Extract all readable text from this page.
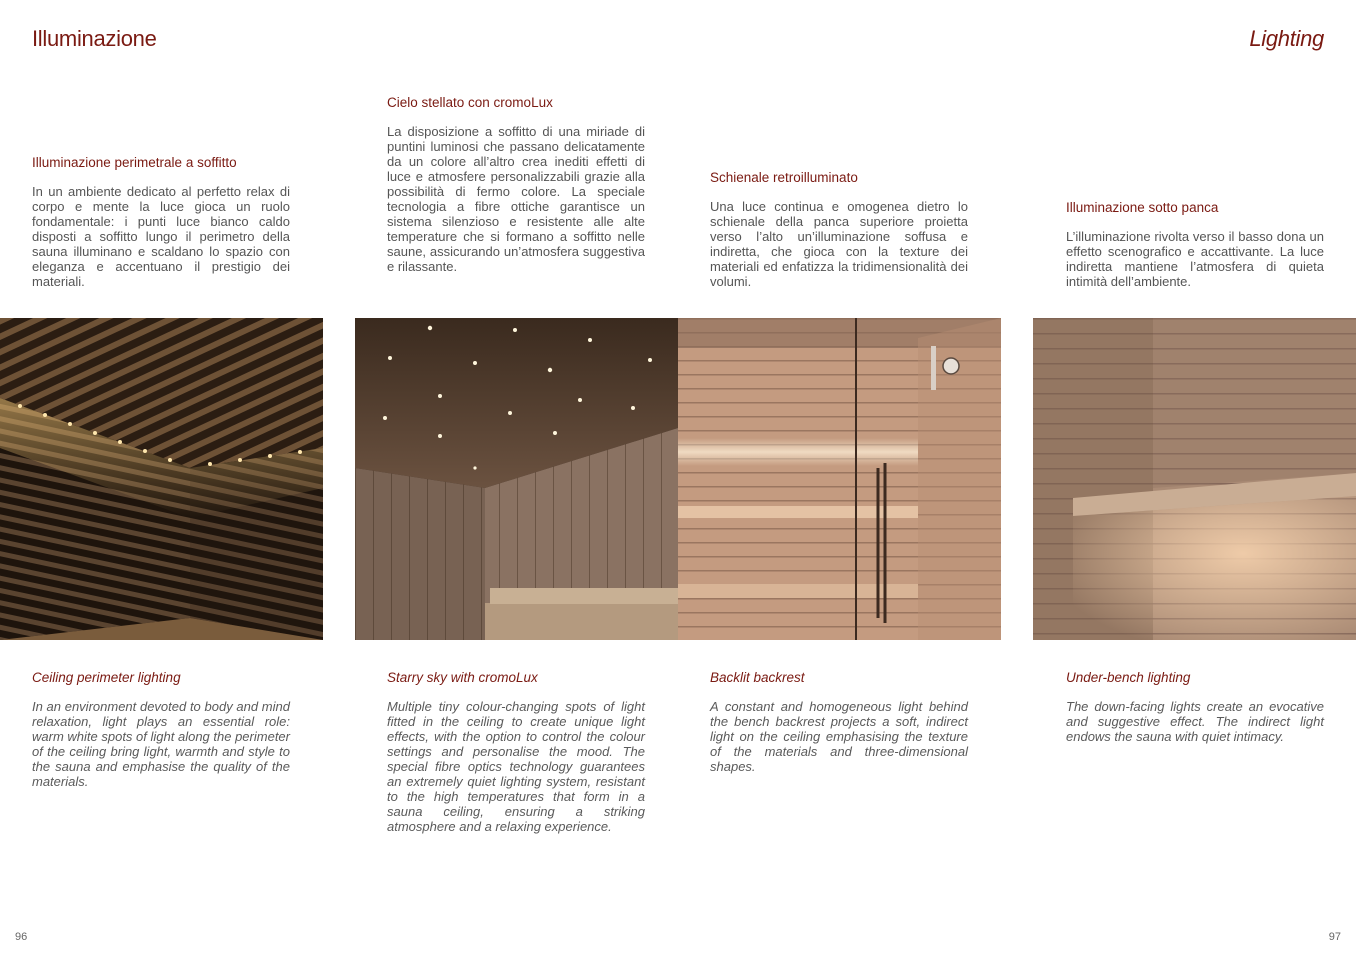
Illuminazione	Lighting
Illuminazione perimetrale a soffitto

In un ambiente dedicato al perfetto relax di corpo e mente la luce gioca un ruolo fondamentale: i punti luce bianco caldo disposti a soffitto lungo il perimetro della sauna illuminano e scaldano lo spazio con eleganza e accentuano il prestigio dei materiali.

Cielo stellato con cromoLux

La disposizione a soffitto di una miriade di puntini luminosi che passano delicatamente da un colore all’altro crea inediti effetti di luce e atmosfere personalizzabili grazie alla possibilità di fermo colore. La speciale tecnologia a fibre ottiche garantisce un sistema silenzioso e resistente alle alte temperature che si formano a soffitto nelle saune, assicurando un’atmosfera suggestiva e rilassante.

Schienale retroilluminato

Una luce continua e omogenea dietro lo schienale della panca superiore proietta verso l’alto un’illuminazione soffusa e indiretta, che gioca con la texture dei materiali ed enfatizza la tridimensionalità dei volumi.

Illuminazione sotto panca

L’illuminazione rivolta verso il basso dona un effetto scenografico e accattivante. La luce indiretta mantiene l’atmosfera di quieta intimità dell’ambiente.

Ceiling perimeter lighting

In an environment devoted to body and mind relaxation, light plays an essential role: warm white spots of light along the perimeter of the ceiling bring light, warmth and style to the sauna and emphasise the quality of the materials.

Starry sky with cromoLux

Multiple tiny colour-changing spots of light fitted in the ceiling to create unique light effects, with the option to control the colour settings and personalise the mood. The special fibre optics technology guarantees an extremely quiet lighting system, resistant to the high temperatures that form in a sauna ceiling, ensuring a striking atmosphere and a relaxing experience.

Backlit backrest

A constant and homogeneous light behind the bench backrest projects a soft, indirect light on the ceiling emphasising the texture of the materials and three-dimensional shapes.

Under-bench lighting

The down-facing lights create an evocative and suggestive effect. The indirect light endows the sauna with quiet intimacy.

96	97
